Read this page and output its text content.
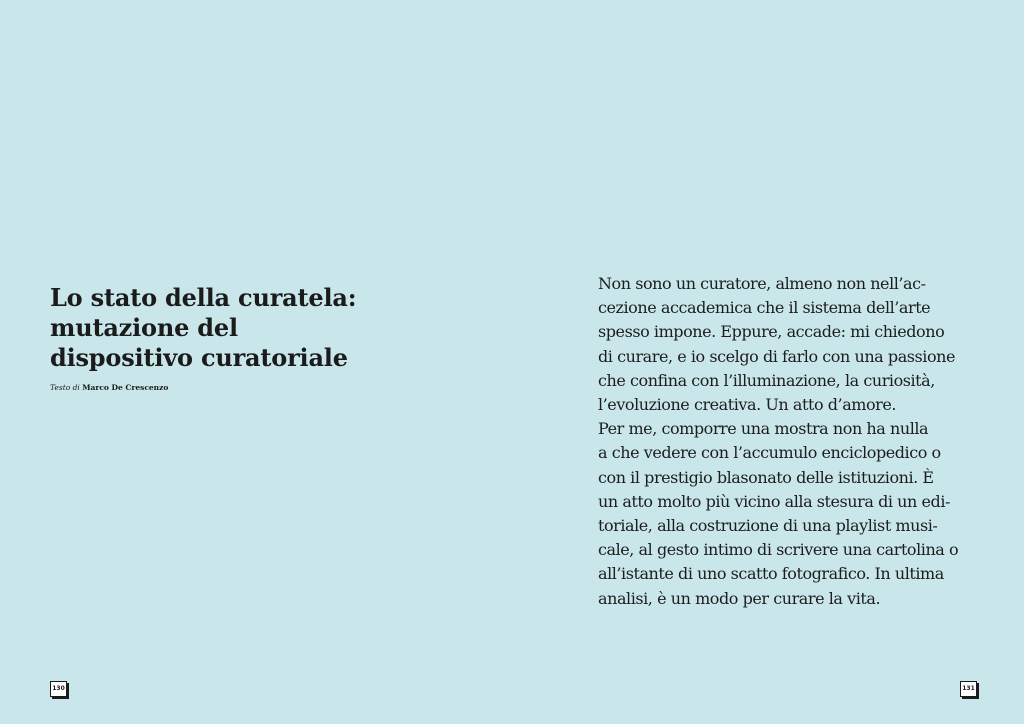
Lo stato della curatela:
mutazione del
dispositivo curatoriale
Testo di Marco De Crescenzo
130
Non sono un curatore, almeno non nell’ac-
cezione accademica che il sistema dell’arte
spesso impone. Eppure, accade: mi chiedono
di curare, e io scelgo di farlo con una passione
che confina con l’illuminazione, la curiosità,
l’evoluzione creativa. Un atto d’amore.
Per me, comporre una mostra non ha nulla
a che vedere con l’accumulo enciclopedico o
con il prestigio blasonato delle istituzioni. È
un atto molto più vicino alla stesura di un edi-
toriale, alla costruzione di una playlist musi-
cale, al gesto intimo di scrivere una cartolina o
all’istante di uno scatto fotografico. In ultima
analisi, è un modo per curare la vita.
131
